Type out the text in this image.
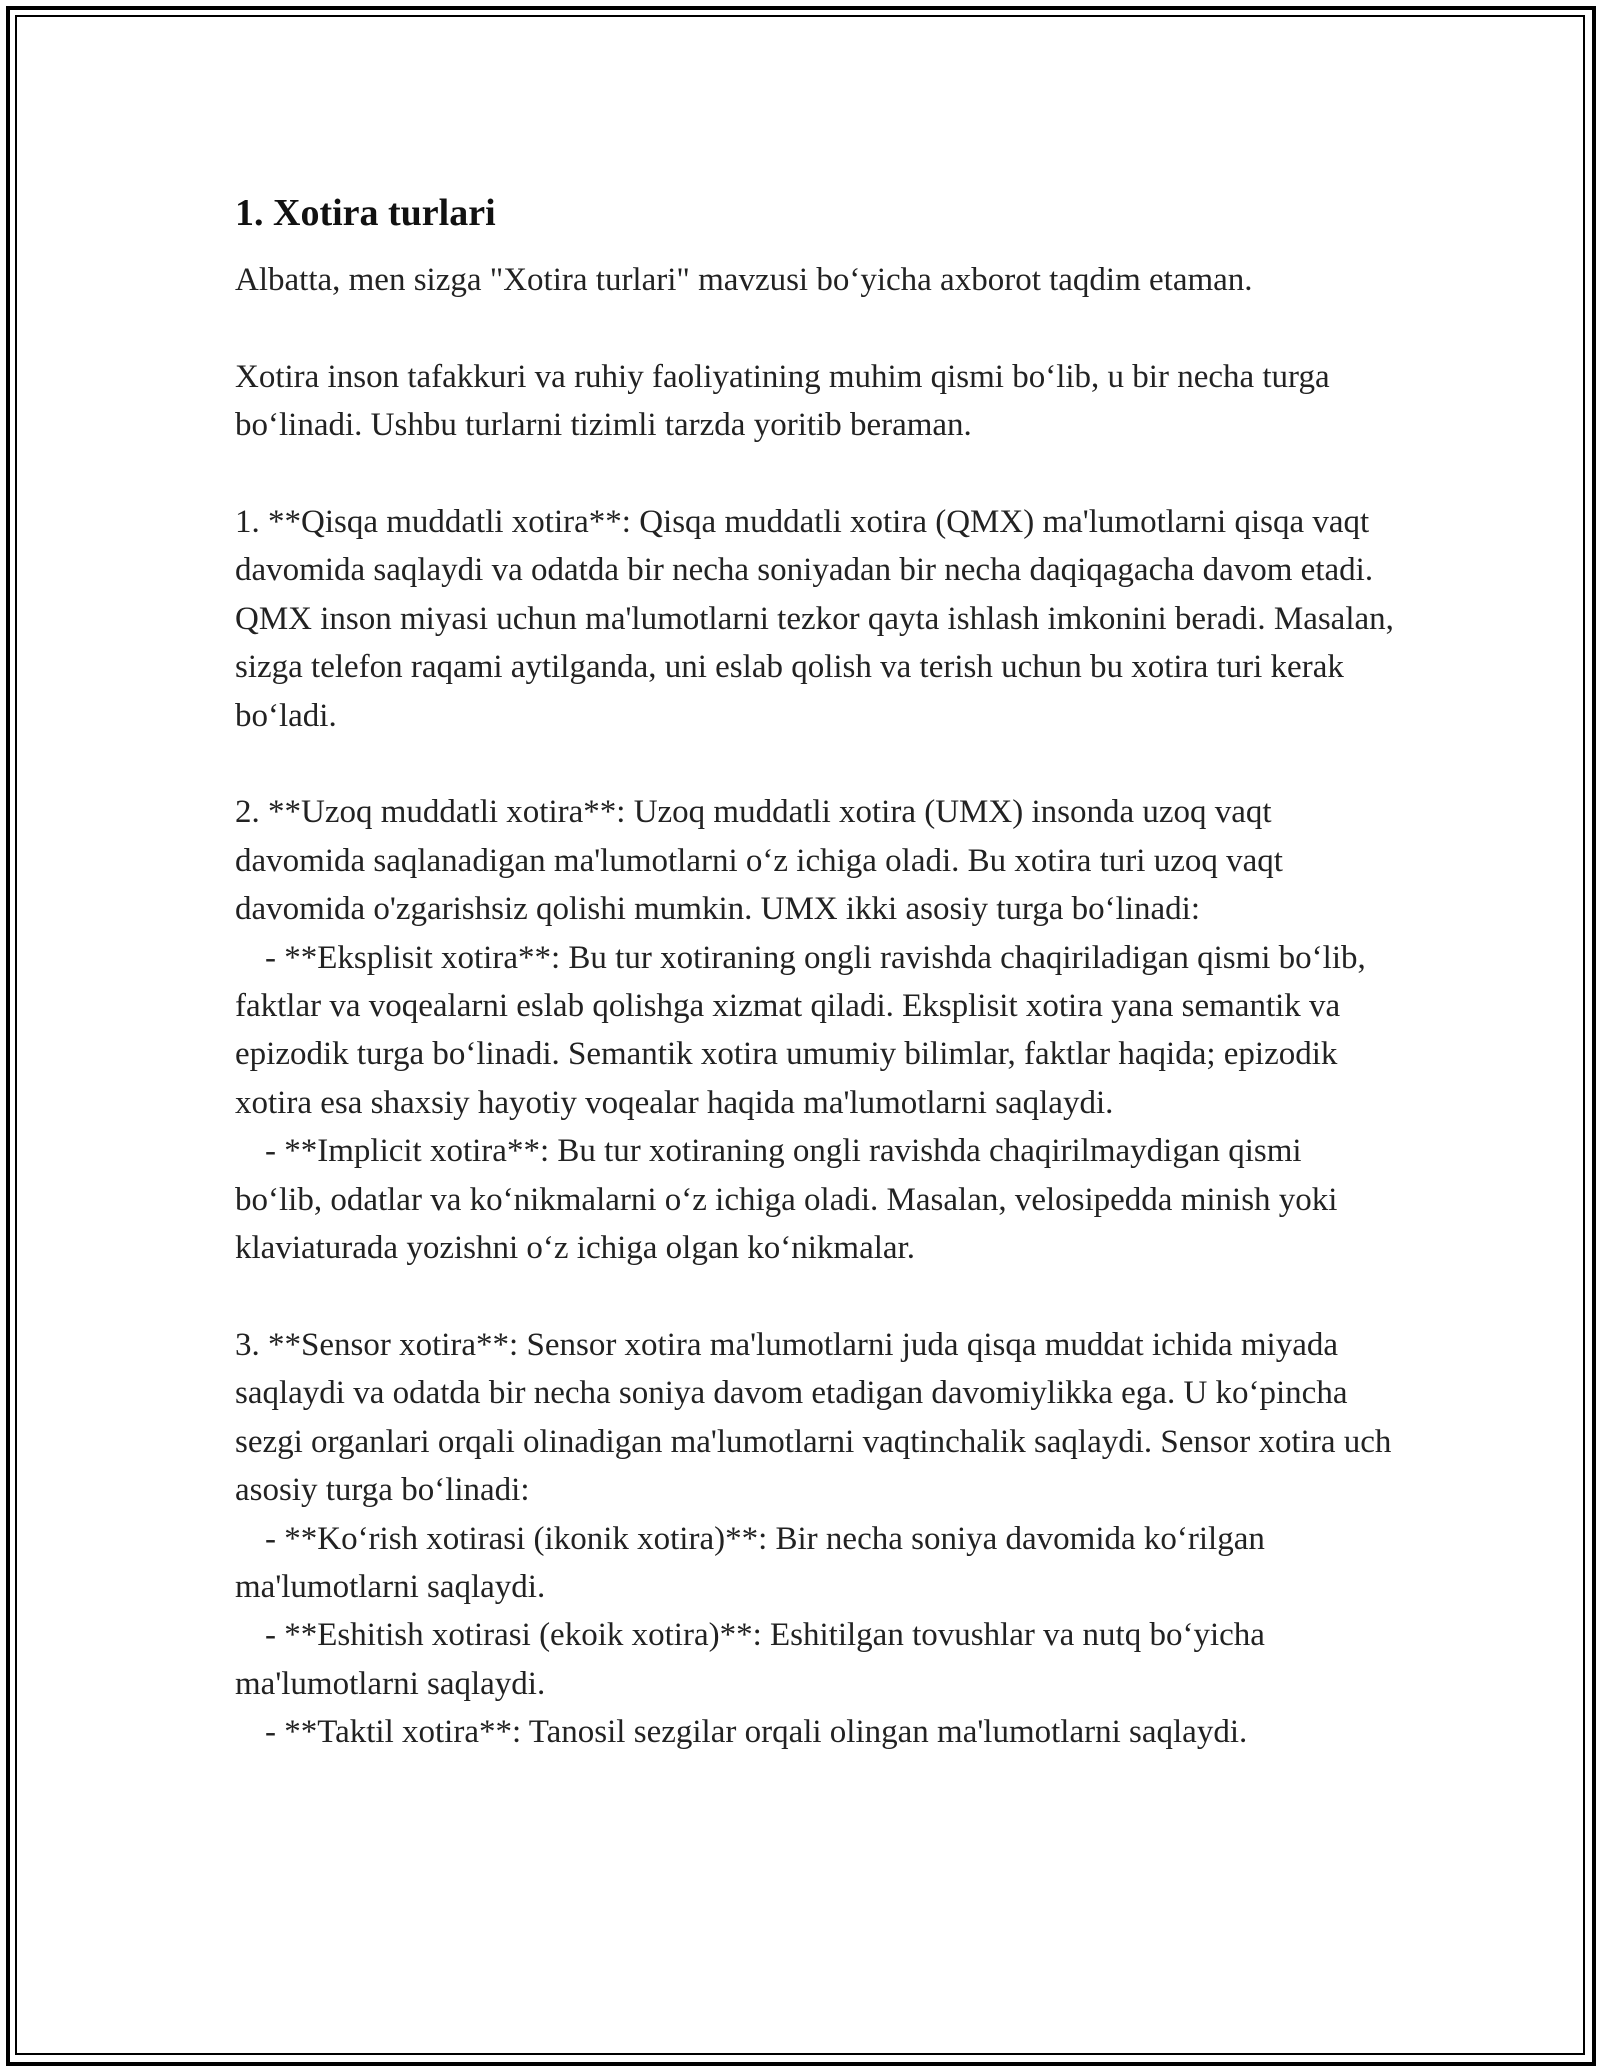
1. Xotira turlari

Albatta, men sizga "Xotira turlari" mavzusi bo‘yicha axborot taqdim etaman.

Xotira inson tafakkuri va ruhiy faoliyatining muhim qismi bo‘lib, u bir necha turga bo‘linadi. Ushbu turlarni tizimli tarzda yoritib beraman.

1. **Qisqa muddatli xotira**: Qisqa muddatli xotira (QMX) ma'lumotlarni qisqa vaqt davomida saqlaydi va odatda bir necha soniyadan bir necha daqiqagacha davom etadi. QMX inson miyasi uchun ma'lumotlarni tezkor qayta ishlash imkonini beradi. Masalan, sizga telefon raqami aytilganda, uni eslab qolish va terish uchun bu xotira turi kerak bo‘ladi.

2. **Uzoq muddatli xotira**: Uzoq muddatli xotira (UMX) insonda uzoq vaqt davomida saqlanadigan ma'lumotlarni o‘z ichiga oladi. Bu xotira turi uzoq vaqt davomida o'zgarishsiz qolishi mumkin. UMX ikki asosiy turga bo‘linadi:

- **Eksplisit xotira**: Bu tur xotiraning ongli ravishda chaqiriladigan qismi bo‘lib, faktlar va voqealarni eslab qolishga xizmat qiladi. Eksplisit xotira yana semantik va epizodik turga bo‘linadi. Semantik xotira umumiy bilimlar, faktlar haqida; epizodik xotira esa shaxsiy hayotiy voqealar haqida ma'lumotlarni saqlaydi.

- **Implicit xotira**: Bu tur xotiraning ongli ravishda chaqirilmaydigan qismi bo‘lib, odatlar va ko‘nikmalarni o‘z ichiga oladi. Masalan, velosipedda minish yoki klaviaturada yozishni o‘z ichiga olgan ko‘nikmalar.

3. **Sensor xotira**: Sensor xotira ma'lumotlarni juda qisqa muddat ichida miyada saqlaydi va odatda bir necha soniya davom etadigan davomiylikka ega. U ko‘pincha sezgi organlari orqali olinadigan ma'lumotlarni vaqtinchalik saqlaydi. Sensor xotira uch asosiy turga bo‘linadi:

- **Ko‘rish xotirasi (ikonik xotira)**: Bir necha soniya davomida ko‘rilgan ma'lumotlarni saqlaydi.

- **Eshitish xotirasi (ekoik xotira)**: Eshitilgan tovushlar va nutq bo‘yicha ma'lumotlarni saqlaydi.

- **Taktil xotira**: Tanosil sezgilar orqali olingan ma'lumotlarni saqlaydi.
